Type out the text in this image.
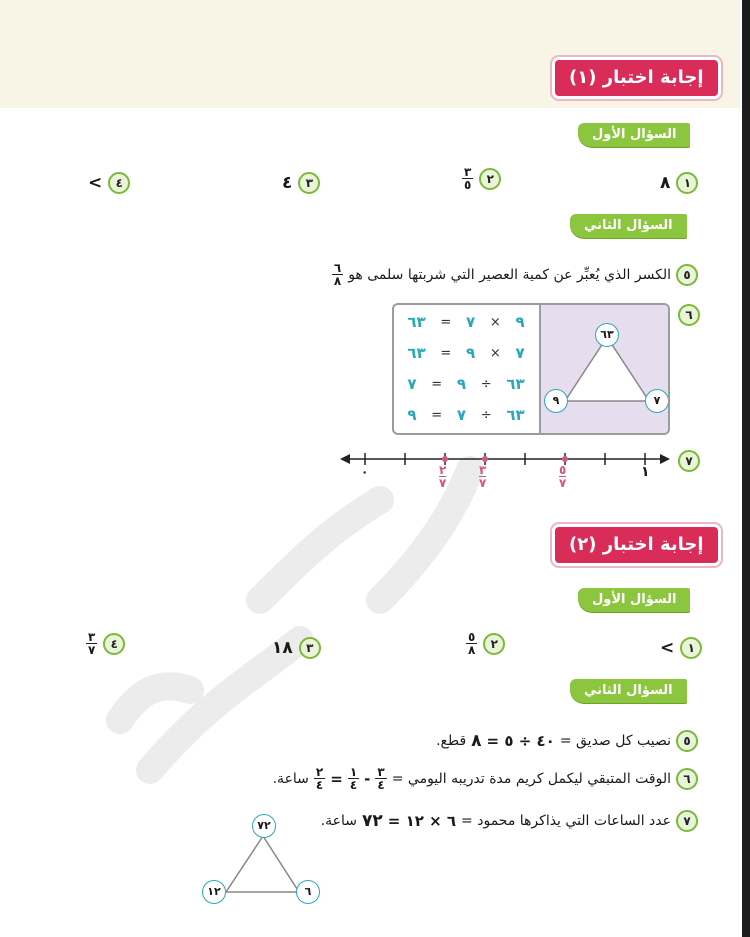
إجابة اختبار (١)
السؤال الأول
١
٨
٢
$\frac{٣}{٥}$
٣
٤
٤
>
السؤال الثاني
٥
الكسر الذي يُعبِّر عن كمية العصير التي شربتها سلمى هو
$\frac{٦}{٨}$
٦
٩
×
٧
=
٦٣
٧
×
٩
=
٦٣
٦٣
÷
٩
=
٧
٦٣
÷
٧
=
٩
٦٣
٩	٧
٧
٠	١
٢
٧
٣
٧
٥
٧
إجابة اختبار (٢)
السؤال الأول
١
>
٢
$\frac{٥}{٨}$
٣
١٨
٤
$\frac{٣}{٧}$
السؤال الثاني
٥
نصيب كل صديق =
٤٠ ÷ ٥ =
٨
قطع.
٦
الوقت المتبقي ليكمل كريم مدة تدريبه اليومي =
$\frac{٣}{٤}$
-
$\frac{١}{٤}$
=
$\frac{٢}{٤}$
ساعة.
٧
عدد الساعات التي يذاكرها محمود =
٦ × ١٢ =
٧٢
ساعة.
٧٢
١٢	٦
